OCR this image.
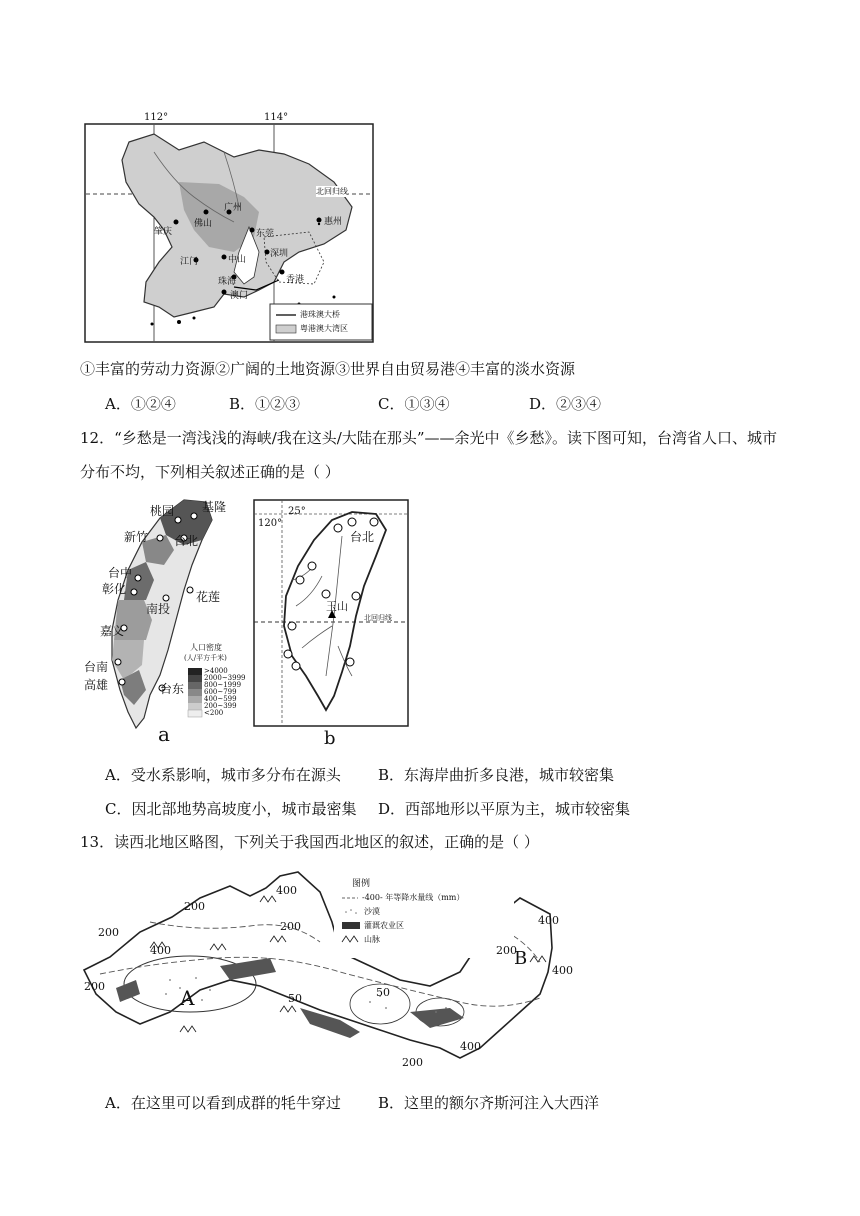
112°	114°
北回归线
肇庆
佛山
广州
惠州
东莞
江门	中山
深圳
珠海	香港
澳门
港珠澳大桥
粤港澳大湾区
①丰富的劳动力资源②广阔的土地资源③世界自由贸易港④丰富的淡水资源
A．①②④	B．①②③	C．①③④	D．②③④
12．“乡愁是一湾浅浅的海峡/我在这头/大陆在那头”——余光中《乡愁》。读下图可知，台湾省人口、城市
分布不均，下列相关叙述正确的是（ ）
桃园 基隆
新竹 台北
台中
彰化
南投
花莲
嘉义
台南
高雄	台东
人口密度
(人/平方千米)
>4000
2000~3999
800~1999
600~799
400~599
200~399
<200
a
25°
120°
台北
玉山
北回归线
b
A．受水系影响，城市多分布在源头 B．东海岸曲折多良港，城市较密集
C．因北部地势高坡度小，城市最密集 D．西部地形以平原为主，城市较密集
13．读西北地区略图，下列关于我国西北地区的叙述，正确的是（ ）
图例
-400- 年等降水量线（mm）
沙漠
灌溉农业区
山脉
200
400
200
400
200
50	50
200
400
400
400
200
200
A
B
A．在这里可以看到成群的牦牛穿过 B．这里的额尔齐斯河注入大西洋
